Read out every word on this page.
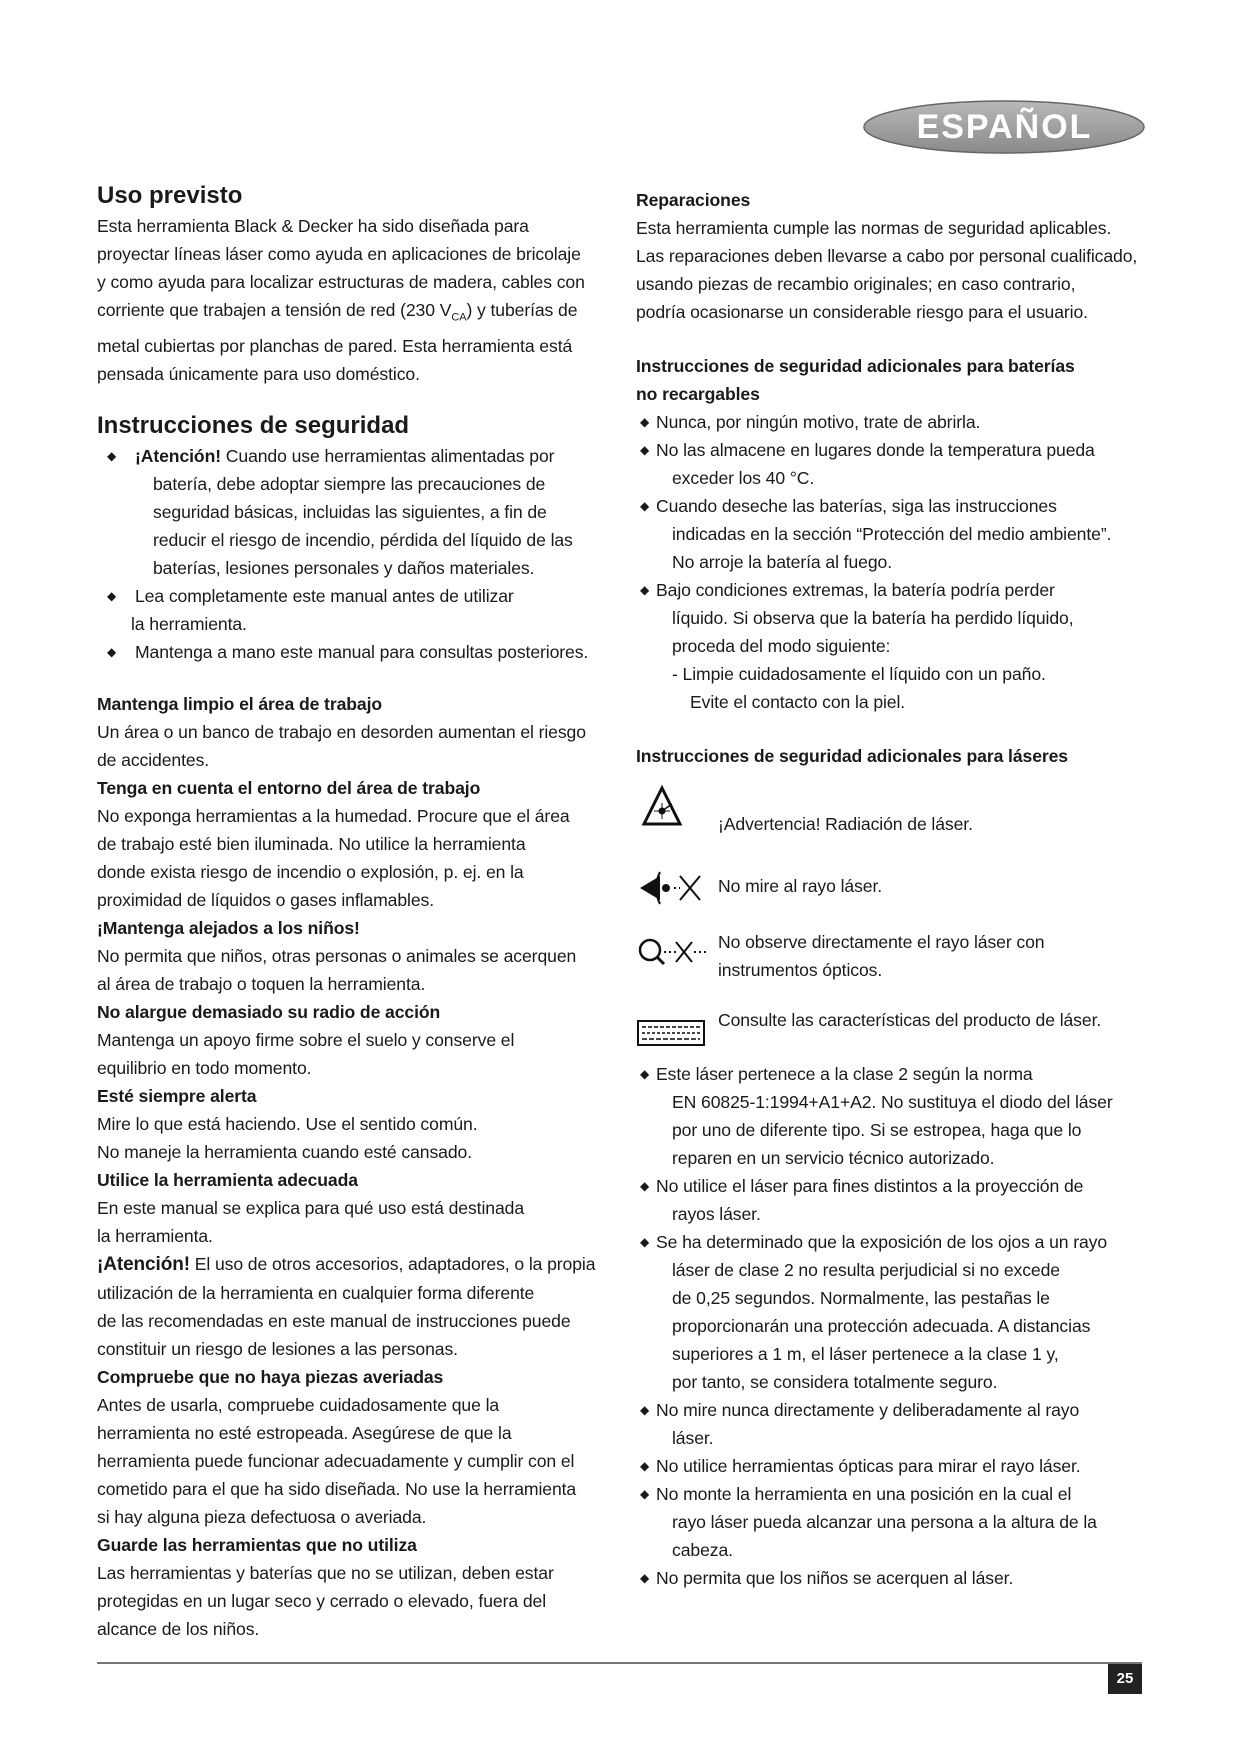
ESPAÑOL
Uso previsto

Esta herramienta Black & Decker ha sido diseñada para

proyectar líneas láser como ayuda en aplicaciones de bricolaje

y como ayuda para localizar estructuras de madera, cables con

corriente que trabajen a tensión de red (230 $V_{CA}$) y tuberías de

metal cubiertas por planchas de pared. Esta herramienta está

pensada únicamente para uso doméstico.

Instrucciones de seguridad
◆ ¡Atención! Cuando use herramientas alimentadas por

batería, debe adoptar siempre las precauciones de

seguridad básicas, incluidas las siguientes, a fin de

reducir el riesgo de incendio, pérdida del líquido de las

baterías, lesiones personales y daños materiales.

◆ Lea completamente este manual antes de utilizar

la herramienta.

◆ Mantenga a mano este manual para consultas posteriores.
Mantenga limpio el área de trabajo

Un área o un banco de trabajo en desorden aumentan el riesgo

de accidentes.

Tenga en cuenta el entorno del área de trabajo

No exponga herramientas a la humedad. Procure que el área

de trabajo esté bien iluminada. No utilice la herramienta

donde exista riesgo de incendio o explosión, p. ej. en la

proximidad de líquidos o gases inflamables.

¡Mantenga alejados a los niños!

No permita que niños, otras personas o animales se acerquen

al área de trabajo o toquen la herramienta.

No alargue demasiado su radio de acción

Mantenga un apoyo firme sobre el suelo y conserve el

equilibrio en todo momento.

Esté siempre alerta

Mire lo que está haciendo. Use el sentido común.

No maneje la herramienta cuando esté cansado.

Utilice la herramienta adecuada

En este manual se explica para qué uso está destinada

la herramienta.

¡Atención! El uso de otros accesorios, adaptadores, o la propia

utilización de la herramienta en cualquier forma diferente

de las recomendadas en este manual de instrucciones puede

constituir un riesgo de lesiones a las personas.

Compruebe que no haya piezas averiadas

Antes de usarla, compruebe cuidadosamente que la

herramienta no esté estropeada. Asegúrese de que la

herramienta puede funcionar adecuadamente y cumplir con el

cometido para el que ha sido diseñada. No use la herramienta

si hay alguna pieza defectuosa o averiada.

Guarde las herramientas que no utiliza

Las herramientas y baterías que no se utilizan, deben estar

protegidas en un lugar seco y cerrado o elevado, fuera del

alcance de los niños.

Reparaciones

Esta herramienta cumple las normas de seguridad aplicables.

Las reparaciones deben llevarse a cabo por personal cualificado,

usando piezas de recambio originales; en caso contrario,

podría ocasionarse un considerable riesgo para el usuario.

Instrucciones de seguridad adicionales para baterías
no recargables
◆ Nunca, por ningún motivo, trate de abrirla.
◆ No las almacene en lugares donde la temperatura pueda

exceder los 40 °C.

◆ Cuando deseche las baterías, siga las instrucciones

indicadas en la sección “Protección del medio ambiente”.

No arroje la batería al fuego.

◆ Bajo condiciones extremas, la batería podría perder

líquido. Si observa que la batería ha perdido líquido,

proceda del modo siguiente:

- Limpie cuidadosamente el líquido con un paño.

Evite el contacto con la piel.

Instrucciones de seguridad adicionales para láseres
¡Advertencia! Radiación de láser.
No mire al rayo láser.

No observe directamente el rayo láser con

instrumentos ópticos.

Consulte las características del producto de láser.
◆ Este láser pertenece a la clase 2 según la norma

EN 60825-1:1994+A1+A2. No sustituya el diodo del láser

por uno de diferente tipo. Si se estropea, haga que lo

reparen en un servicio técnico autorizado.

◆ No utilice el láser para fines distintos a la proyección de

rayos láser.

◆ Se ha determinado que la exposición de los ojos a un rayo

láser de clase 2 no resulta perjudicial si no excede

de 0,25 segundos. Normalmente, las pestañas le

proporcionarán una protección adecuada. A distancias

superiores a 1 m, el láser pertenece a la clase 1 y,

por tanto, se considera totalmente seguro.

◆ No mire nunca directamente y deliberadamente al rayo

láser.

◆ No utilice herramientas ópticas para mirar el rayo láser.
◆ No monte la herramienta en una posición en la cual el

rayo láser pueda alcanzar una persona a la altura de la

cabeza.

◆ No permita que los niños se acerquen al láser.
25
